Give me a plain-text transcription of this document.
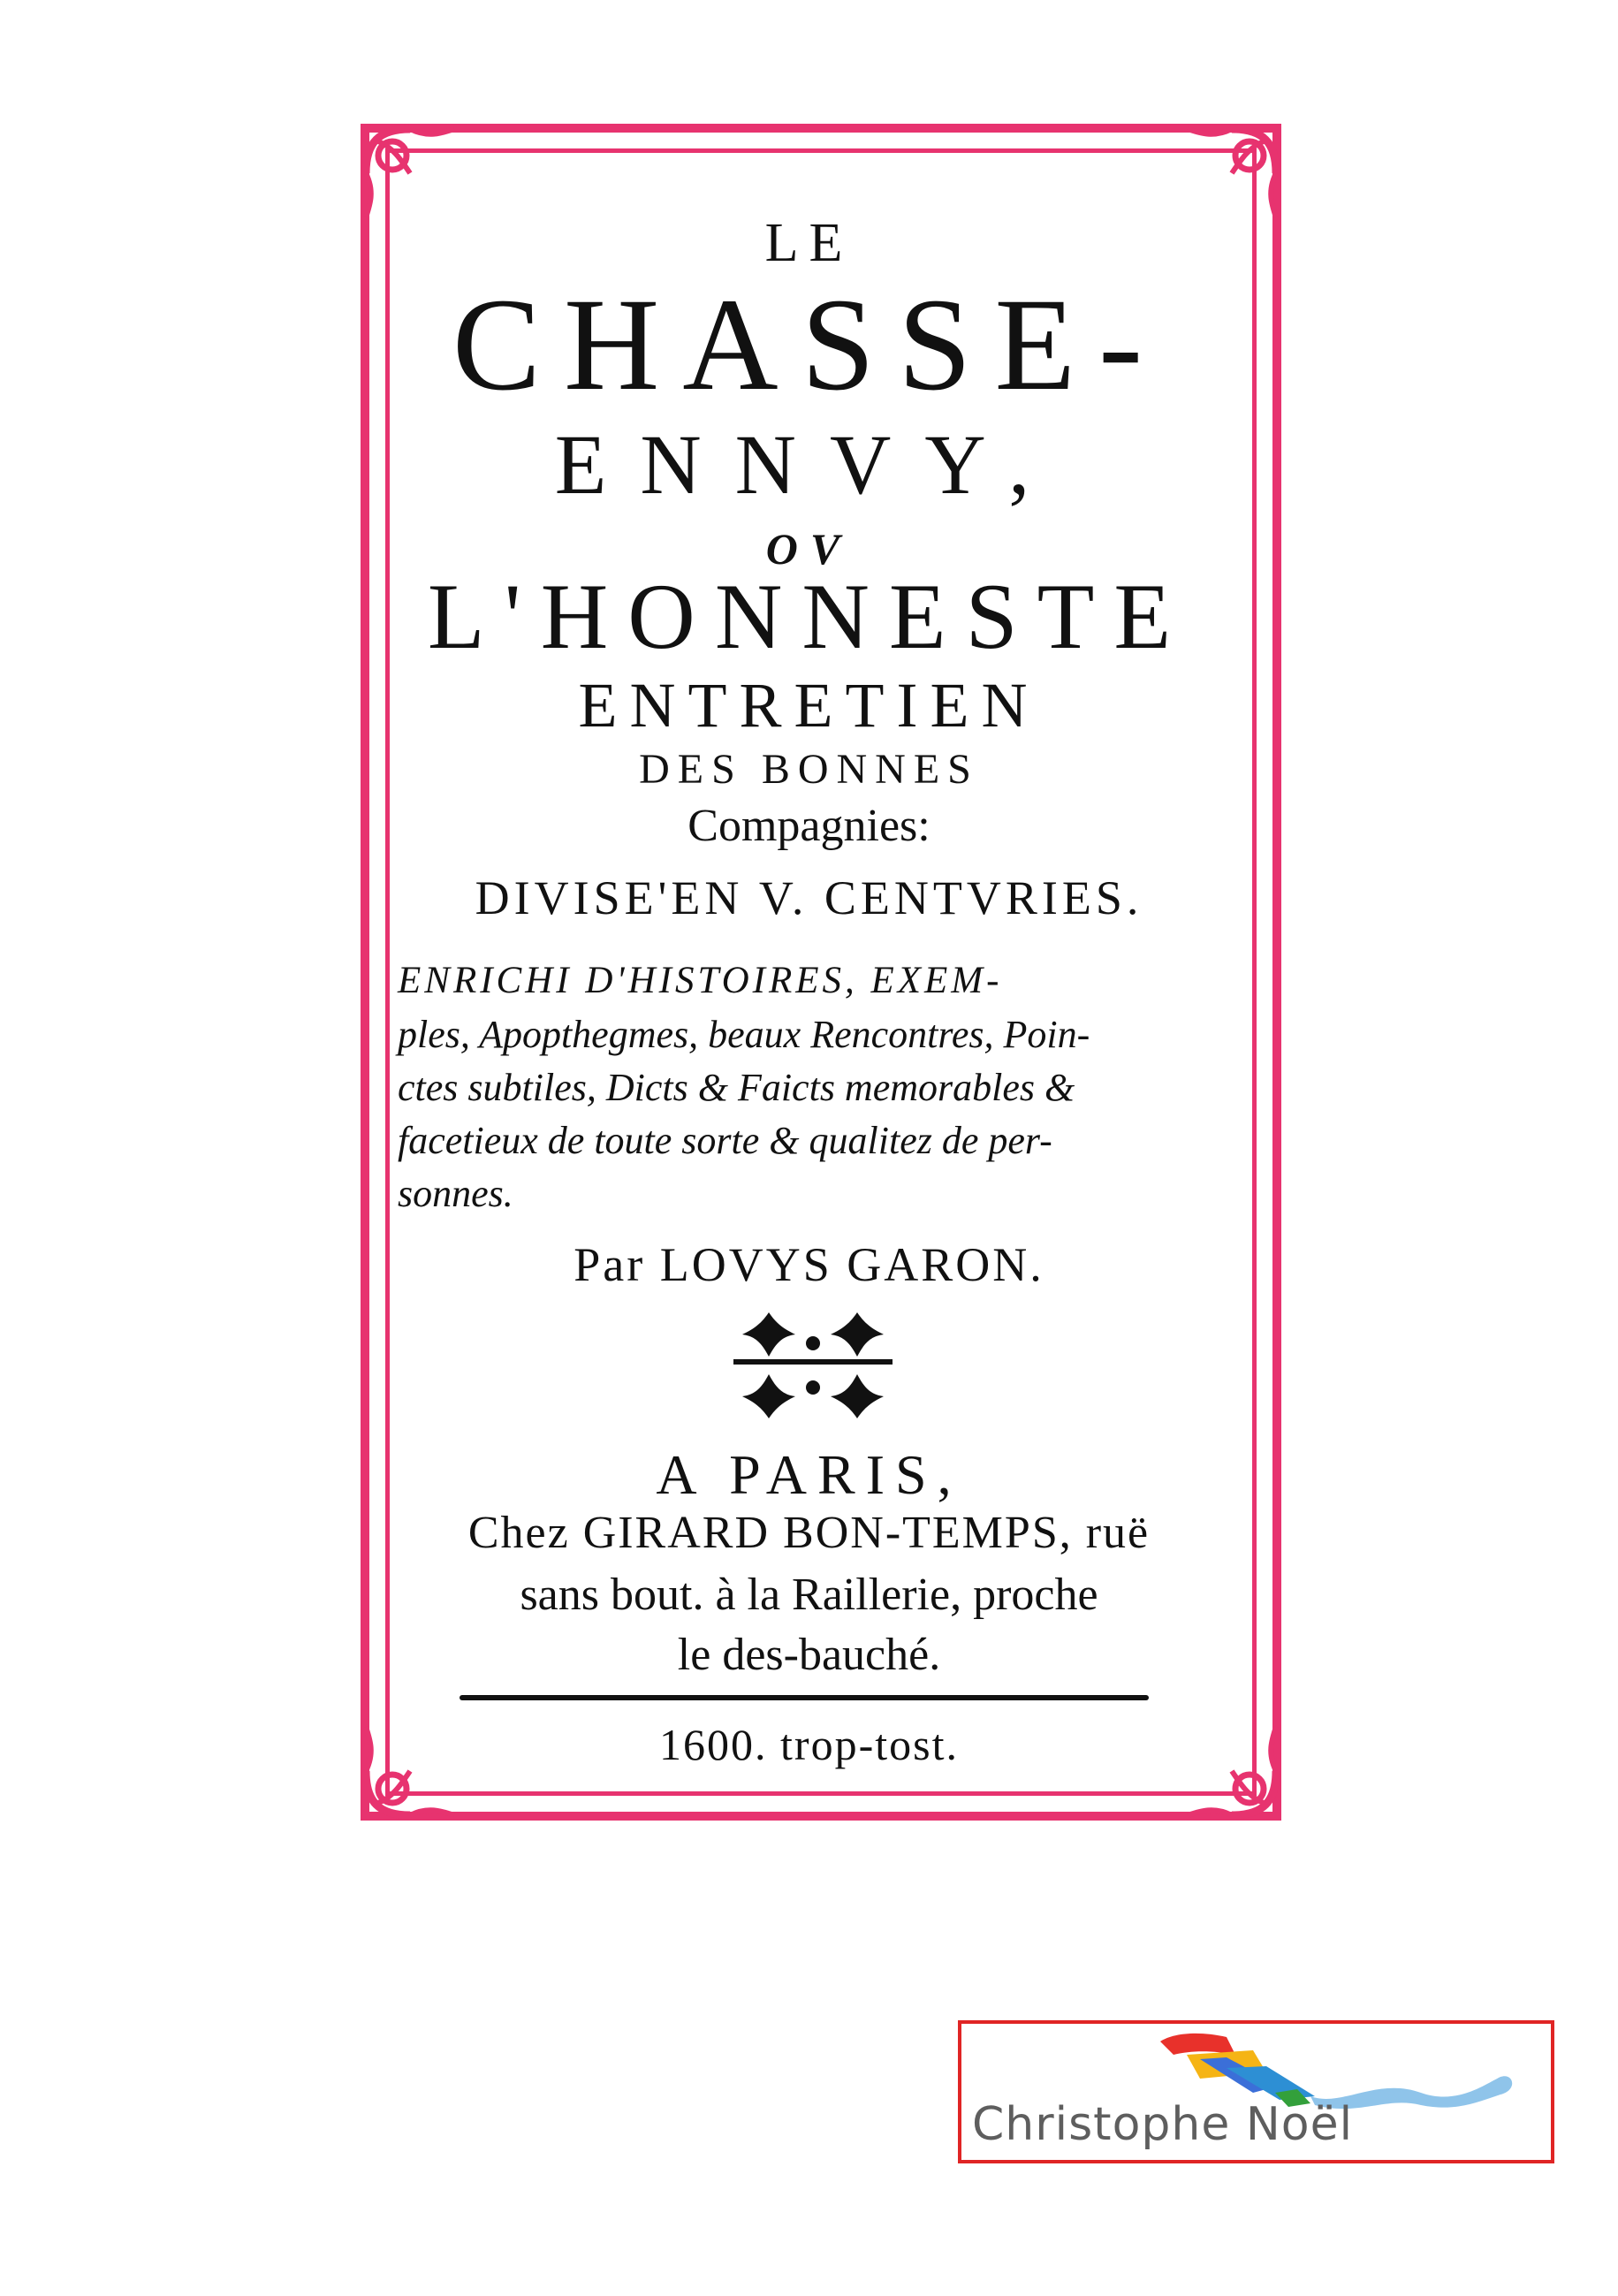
LE
CHASSE-
ENNVY,
OV
L'HONNESTE
ENTRETIEN
DES BONNES
Compagnies:
DIVISE'EN V. CENTVRIES.
ENRICHI D'HISTOIRES, EXEM-
ples, Apopthegmes, beaux Rencontres, Poin-
ctes subtiles, Dicts & Faicts memorables &
facetieux de toute sorte & qualitez de per-
sonnes.
Par LOVYS GARON.
A PARIS,
Chez GIRARD BON-TEMPS, ruë
sans bout. à la Raillerie, proche
le des-bauché.
1600. trop-tost.
Christophe Noël
